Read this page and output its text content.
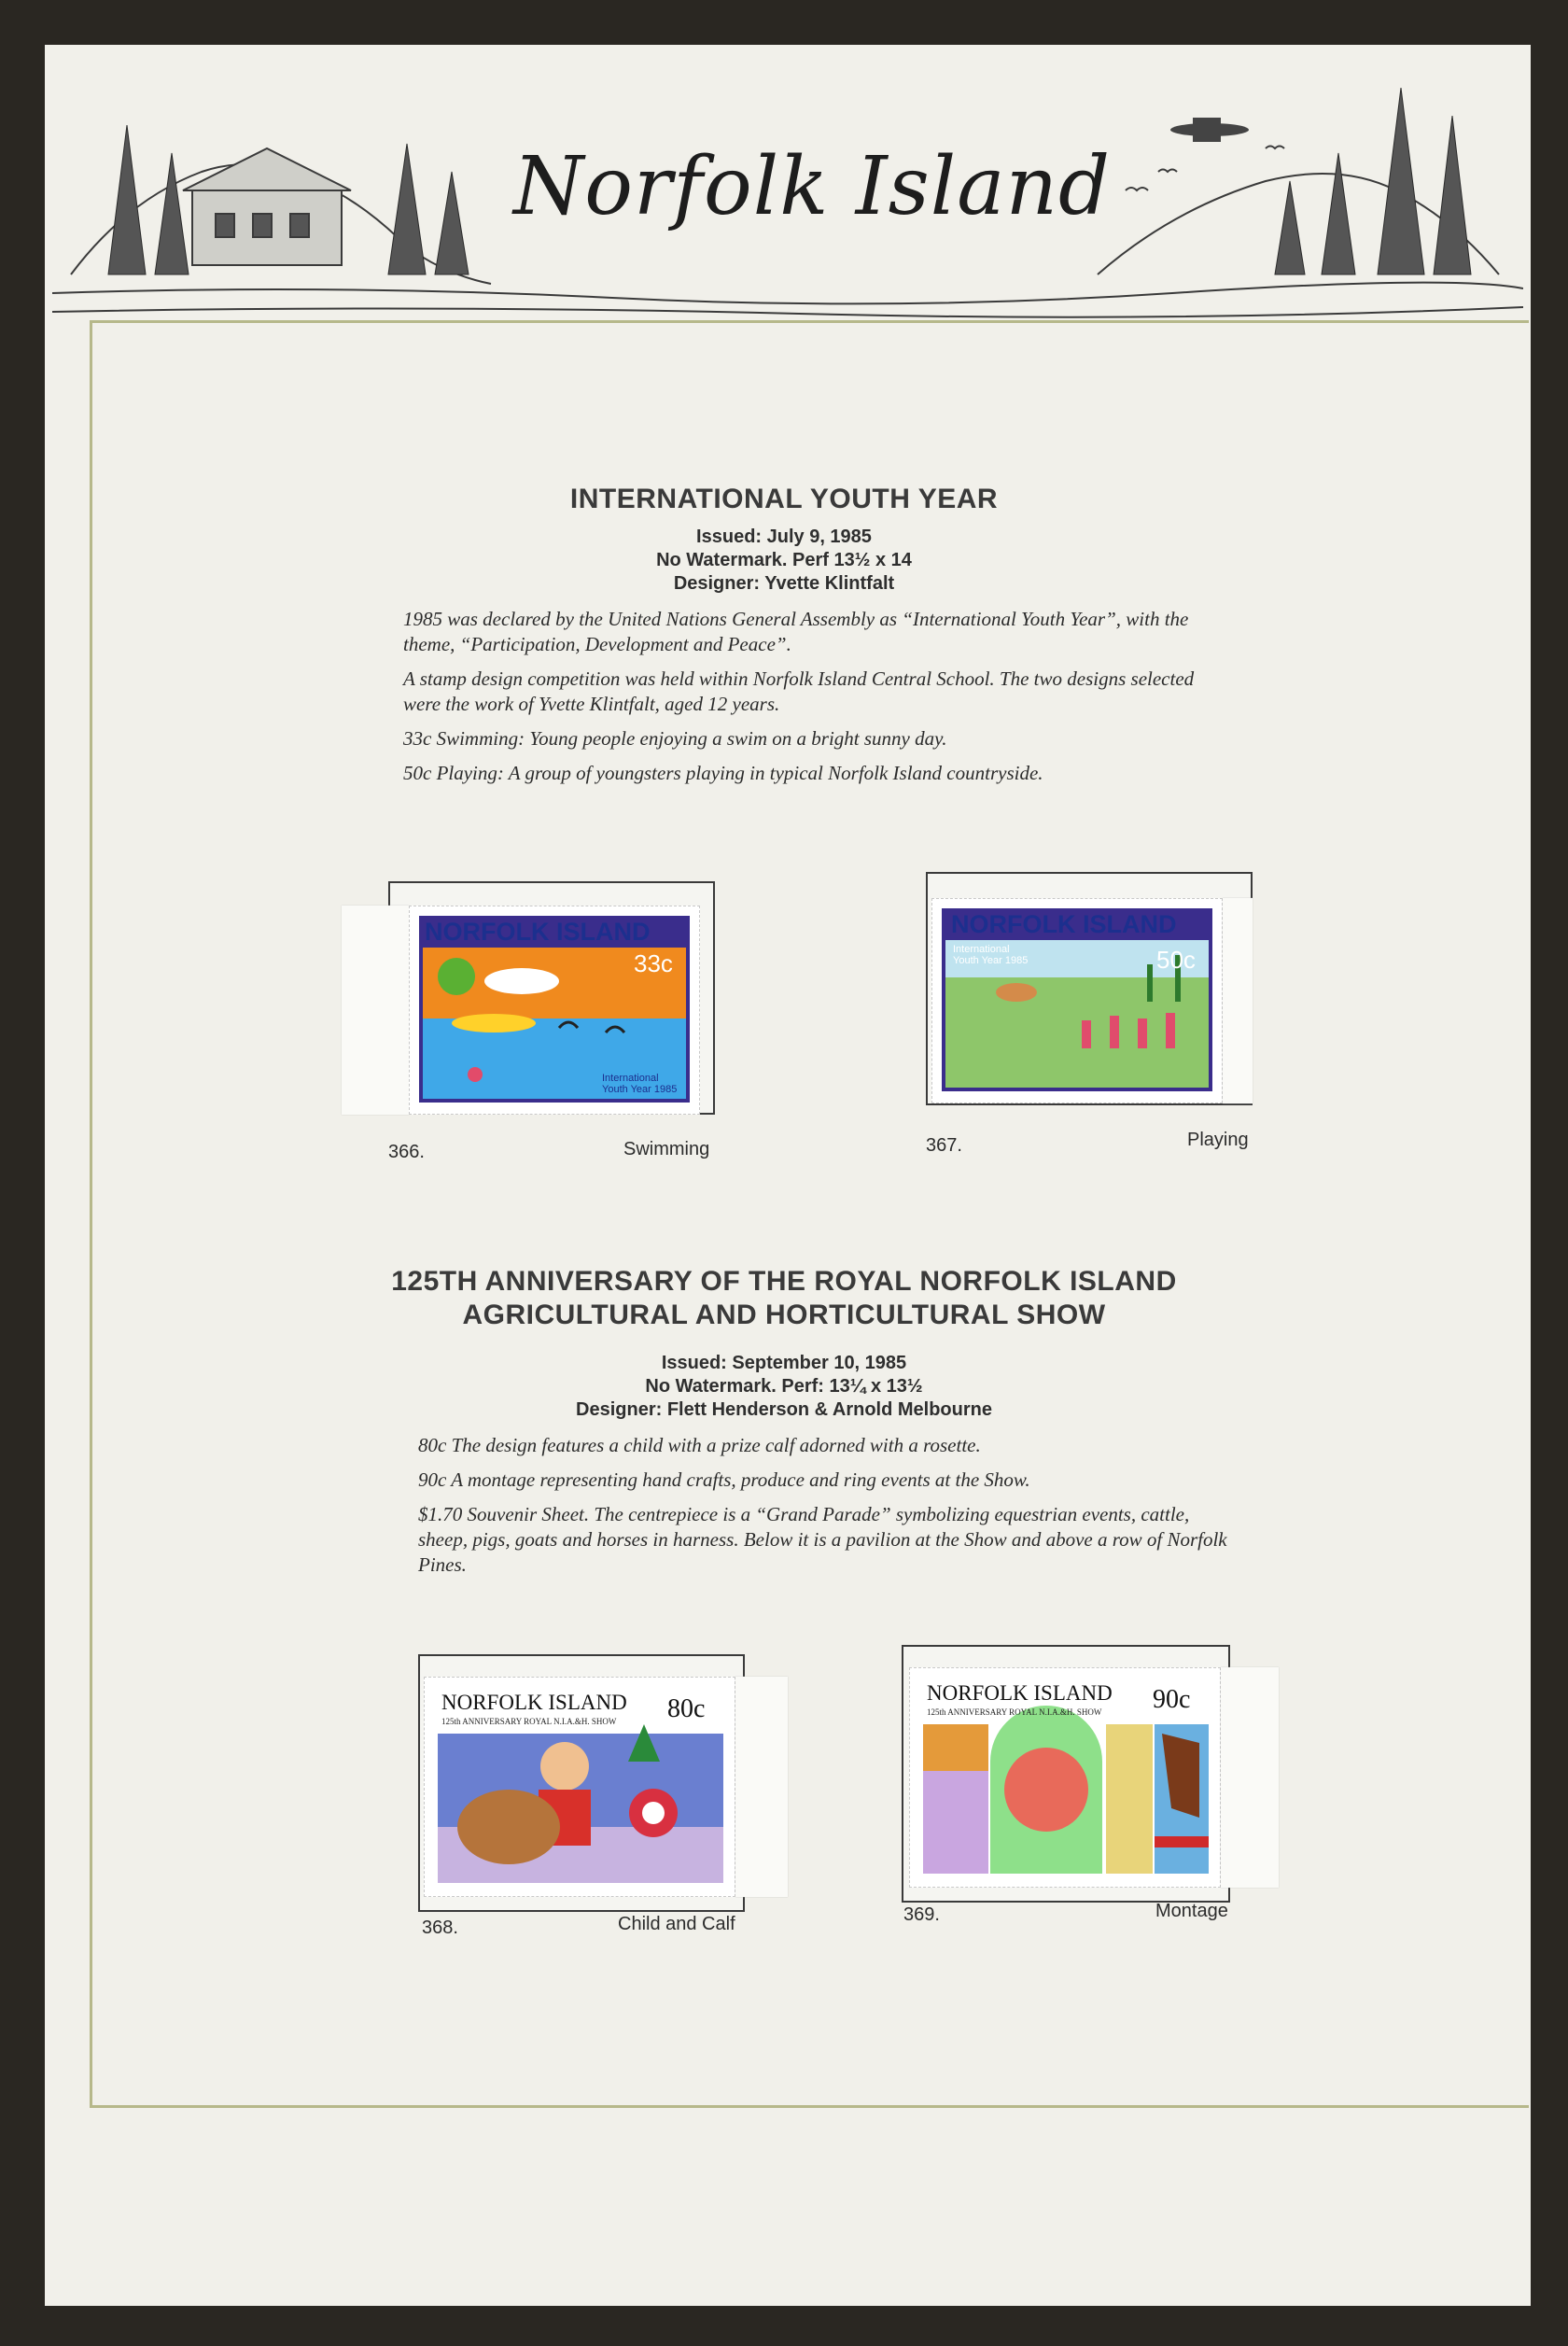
Norfolk Island
INTERNATIONAL YOUTH YEAR
Issued: July 9, 1985
No Watermark. Perf 13½ x 14
Designer: Yvette Klintfalt

1985 was declared by the United Nations General Assembly as “International Youth Year”, with the theme, “Participation, Development and Peace”.

A stamp design competition was held within Norfolk Island Central School. The two designs selected were the work of Yvette Klintfalt, aged 12 years.

33c Swimming: Young people enjoying a swim on a bright sunny day.

50c Playing: A group of youngsters playing in typical Norfolk Island countryside.

NORFOLK ISLAND
33c
International
Youth Year 1985
366.	Swimming
NORFOLK ISLAND
50c
International
Youth Year 1985
367.	Playing
125TH ANNIVERSARY OF THE ROYAL NORFOLK ISLAND
AGRICULTURAL AND HORTICULTURAL SHOW
Issued: September 10, 1985
No Watermark. Perf: 13¼ x 13½
Designer: Flett Henderson & Arnold Melbourne

80c The design features a child with a prize calf adorned with a rosette.

90c A montage representing hand crafts, produce and ring events at the Show.

$1.70 Souvenir Sheet. The centrepiece is a “Grand Parade” symbolizing equestrian events, cattle, sheep, pigs, goats and horses in harness. Below it is a pavilion at the Show and above a row of Norfolk Pines.

NORFOLK ISLAND
125th ANNIVERSARY ROYAL N.I.A.&H. SHOW 80c
368.	Child and Calf
NORFOLK ISLAND
125th ANNIVERSARY ROYAL N.I.A.&H. SHOW 90c
369.	Montage
